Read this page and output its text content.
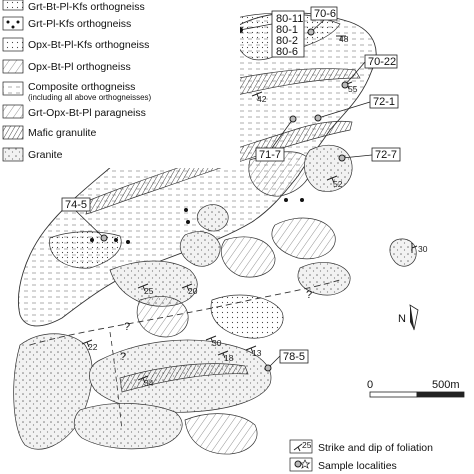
48
42
55
52
30
25	20
22	30
18 13
34
?
?
?
70-6
80-11
80-1
80-2
80-6
70-22
72-1
72-7
71-7
74-5
78-5
N
0	500m
Grt-Bt-Pl-Kfs orthogneiss
Grt-Pl-Kfs orthogneiss
Opx-Bt-Pl-Kfs orthogneiss
Opx-Bt-Pl orthogneiss
Composite orthogneiss
(including all above orthogneisses)
Grt-Opx-Bt-Pl paragneiss
Mafic granulite
Granite
25 Strike and dip of foliation
Sample localities
